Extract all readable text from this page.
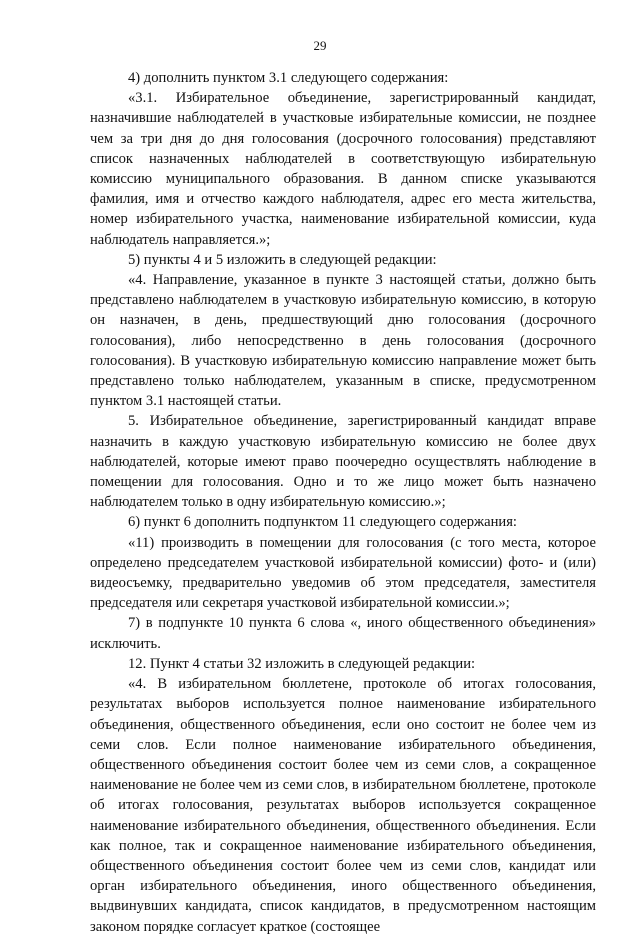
29

4) дополнить пунктом 3.1 следующего содержания:

«3.1. Избирательное объединение, зарегистрированный кандидат, назначившие наблюдателей в участковые избирательные комиссии, не позднее чем за три дня до дня голосования (досрочного голосования) представляют список назначенных наблюдателей в соответствующую избирательную комиссию муниципального образования. В данном списке указываются фамилия, имя и отчество каждого наблюдателя, адрес его места жительства, номер избирательного участка, наименование избирательной комиссии, куда наблюдатель направляется.»;

5) пункты 4 и 5 изложить в следующей редакции:

«4. Направление, указанное в пункте 3 настоящей статьи, должно быть представлено наблюдателем в участковую избирательную комиссию, в которую он назначен, в день, предшествующий дню голосования (досрочного голосования), либо непосредственно в день голосования (досрочного голосования). В участковую избирательную комиссию направление может быть представлено только наблюдателем, указанным в списке, предусмотренном пунктом 3.1 настоящей статьи.

5. Избирательное объединение, зарегистрированный кандидат вправе назначить в каждую участковую избирательную комиссию не более двух наблюдателей, которые имеют право поочередно осуществлять наблюдение в помещении для голосования. Одно и то же лицо может быть назначено наблюдателем только в одну избирательную комиссию.»;

6) пункт 6 дополнить подпунктом 11 следующего содержания:

«11) производить в помещении для голосования (с того места, которое определено председателем участковой избирательной комиссии) фото- и (или) видеосъемку, предварительно уведомив об этом председателя, заместителя председателя или секретаря участковой избирательной комиссии.»;

7) в подпункте 10 пункта 6 слова «, иного общественного объединения» исключить.

12. Пункт 4 статьи 32 изложить в следующей редакции:

«4. В избирательном бюллетене, протоколе об итогах голосования, результатах выборов используется полное наименование избирательного объединения, общественного объединения, если оно состоит не более чем из семи слов. Если полное наименование избирательного объединения, общественного объединения состоит более чем из семи слов, а сокращенное наименование не более чем из семи слов, в избирательном бюллетене, протоколе об итогах голосования, результатах выборов используется сокращенное наименование избирательного объединения, общественного объединения. Если как полное, так и сокращенное наименование избирательного объединения, общественного объединения состоит более чем из семи слов, кандидат или орган избирательного объединения, иного общественного объединения, выдвинувших кандидата, список кандидатов, в предусмотренном настоящим законом порядке согласует краткое (состоящее
